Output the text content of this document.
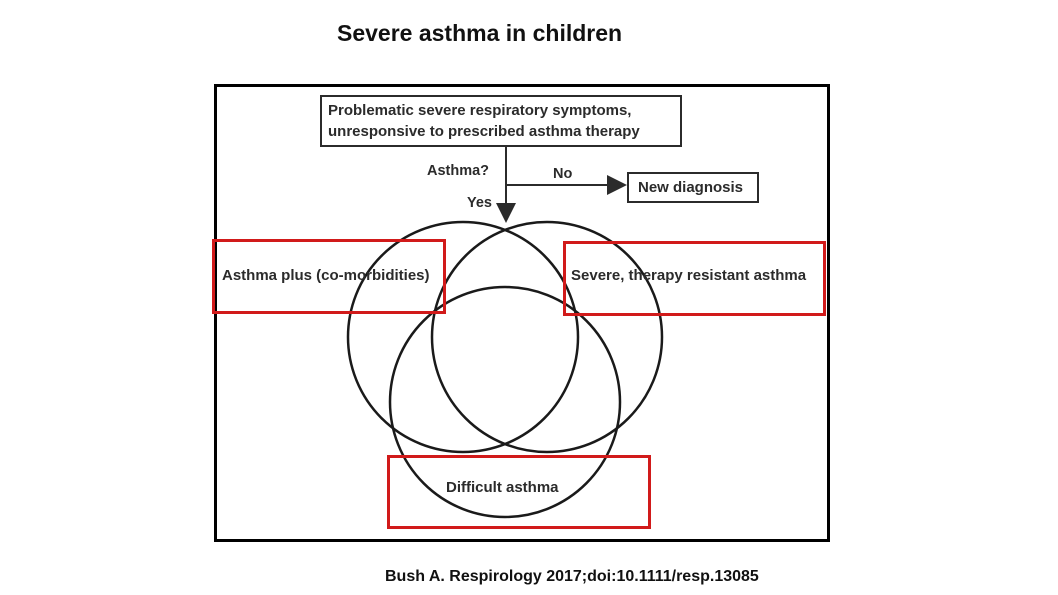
Severe asthma in children
Problematic severe respiratory symptoms,
unresponsive to prescribed asthma therapy
Asthma?	No
Yes
New diagnosis
Asthma plus (co-morbidities)	Severe, therapy resistant asthma
Difficult asthma
Bush A. Respirology 2017;doi:10.1111/resp.13085
